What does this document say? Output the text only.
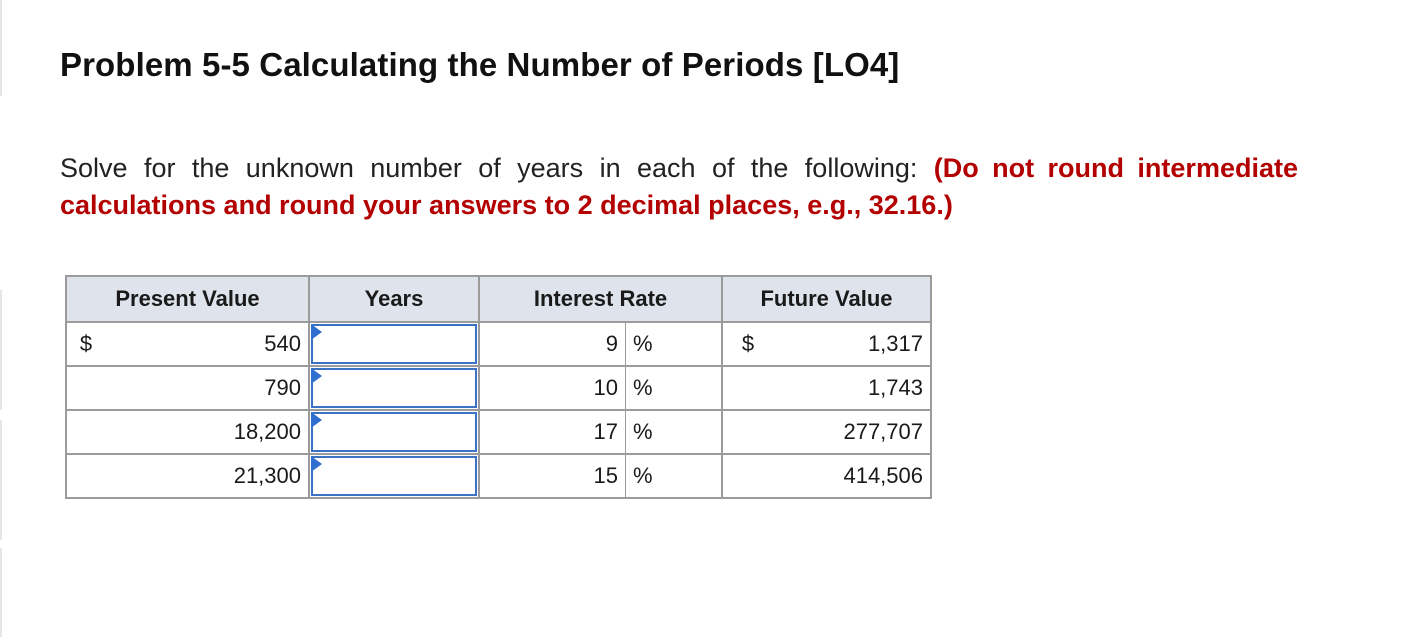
Problem 5-5 Calculating the Number of Periods [LO4]

Solve for the unknown number of years in each of the following: (Do not round intermediate calculations and round your answers to 2 decimal places, e.g., 32.16.)

Present Value		Years	Interest Rate		Future Value	
$	540		9	%	$	1,317
	790		10	%		1,743
	18,200		17	%		277,707
	21,300		15	%		414,506
